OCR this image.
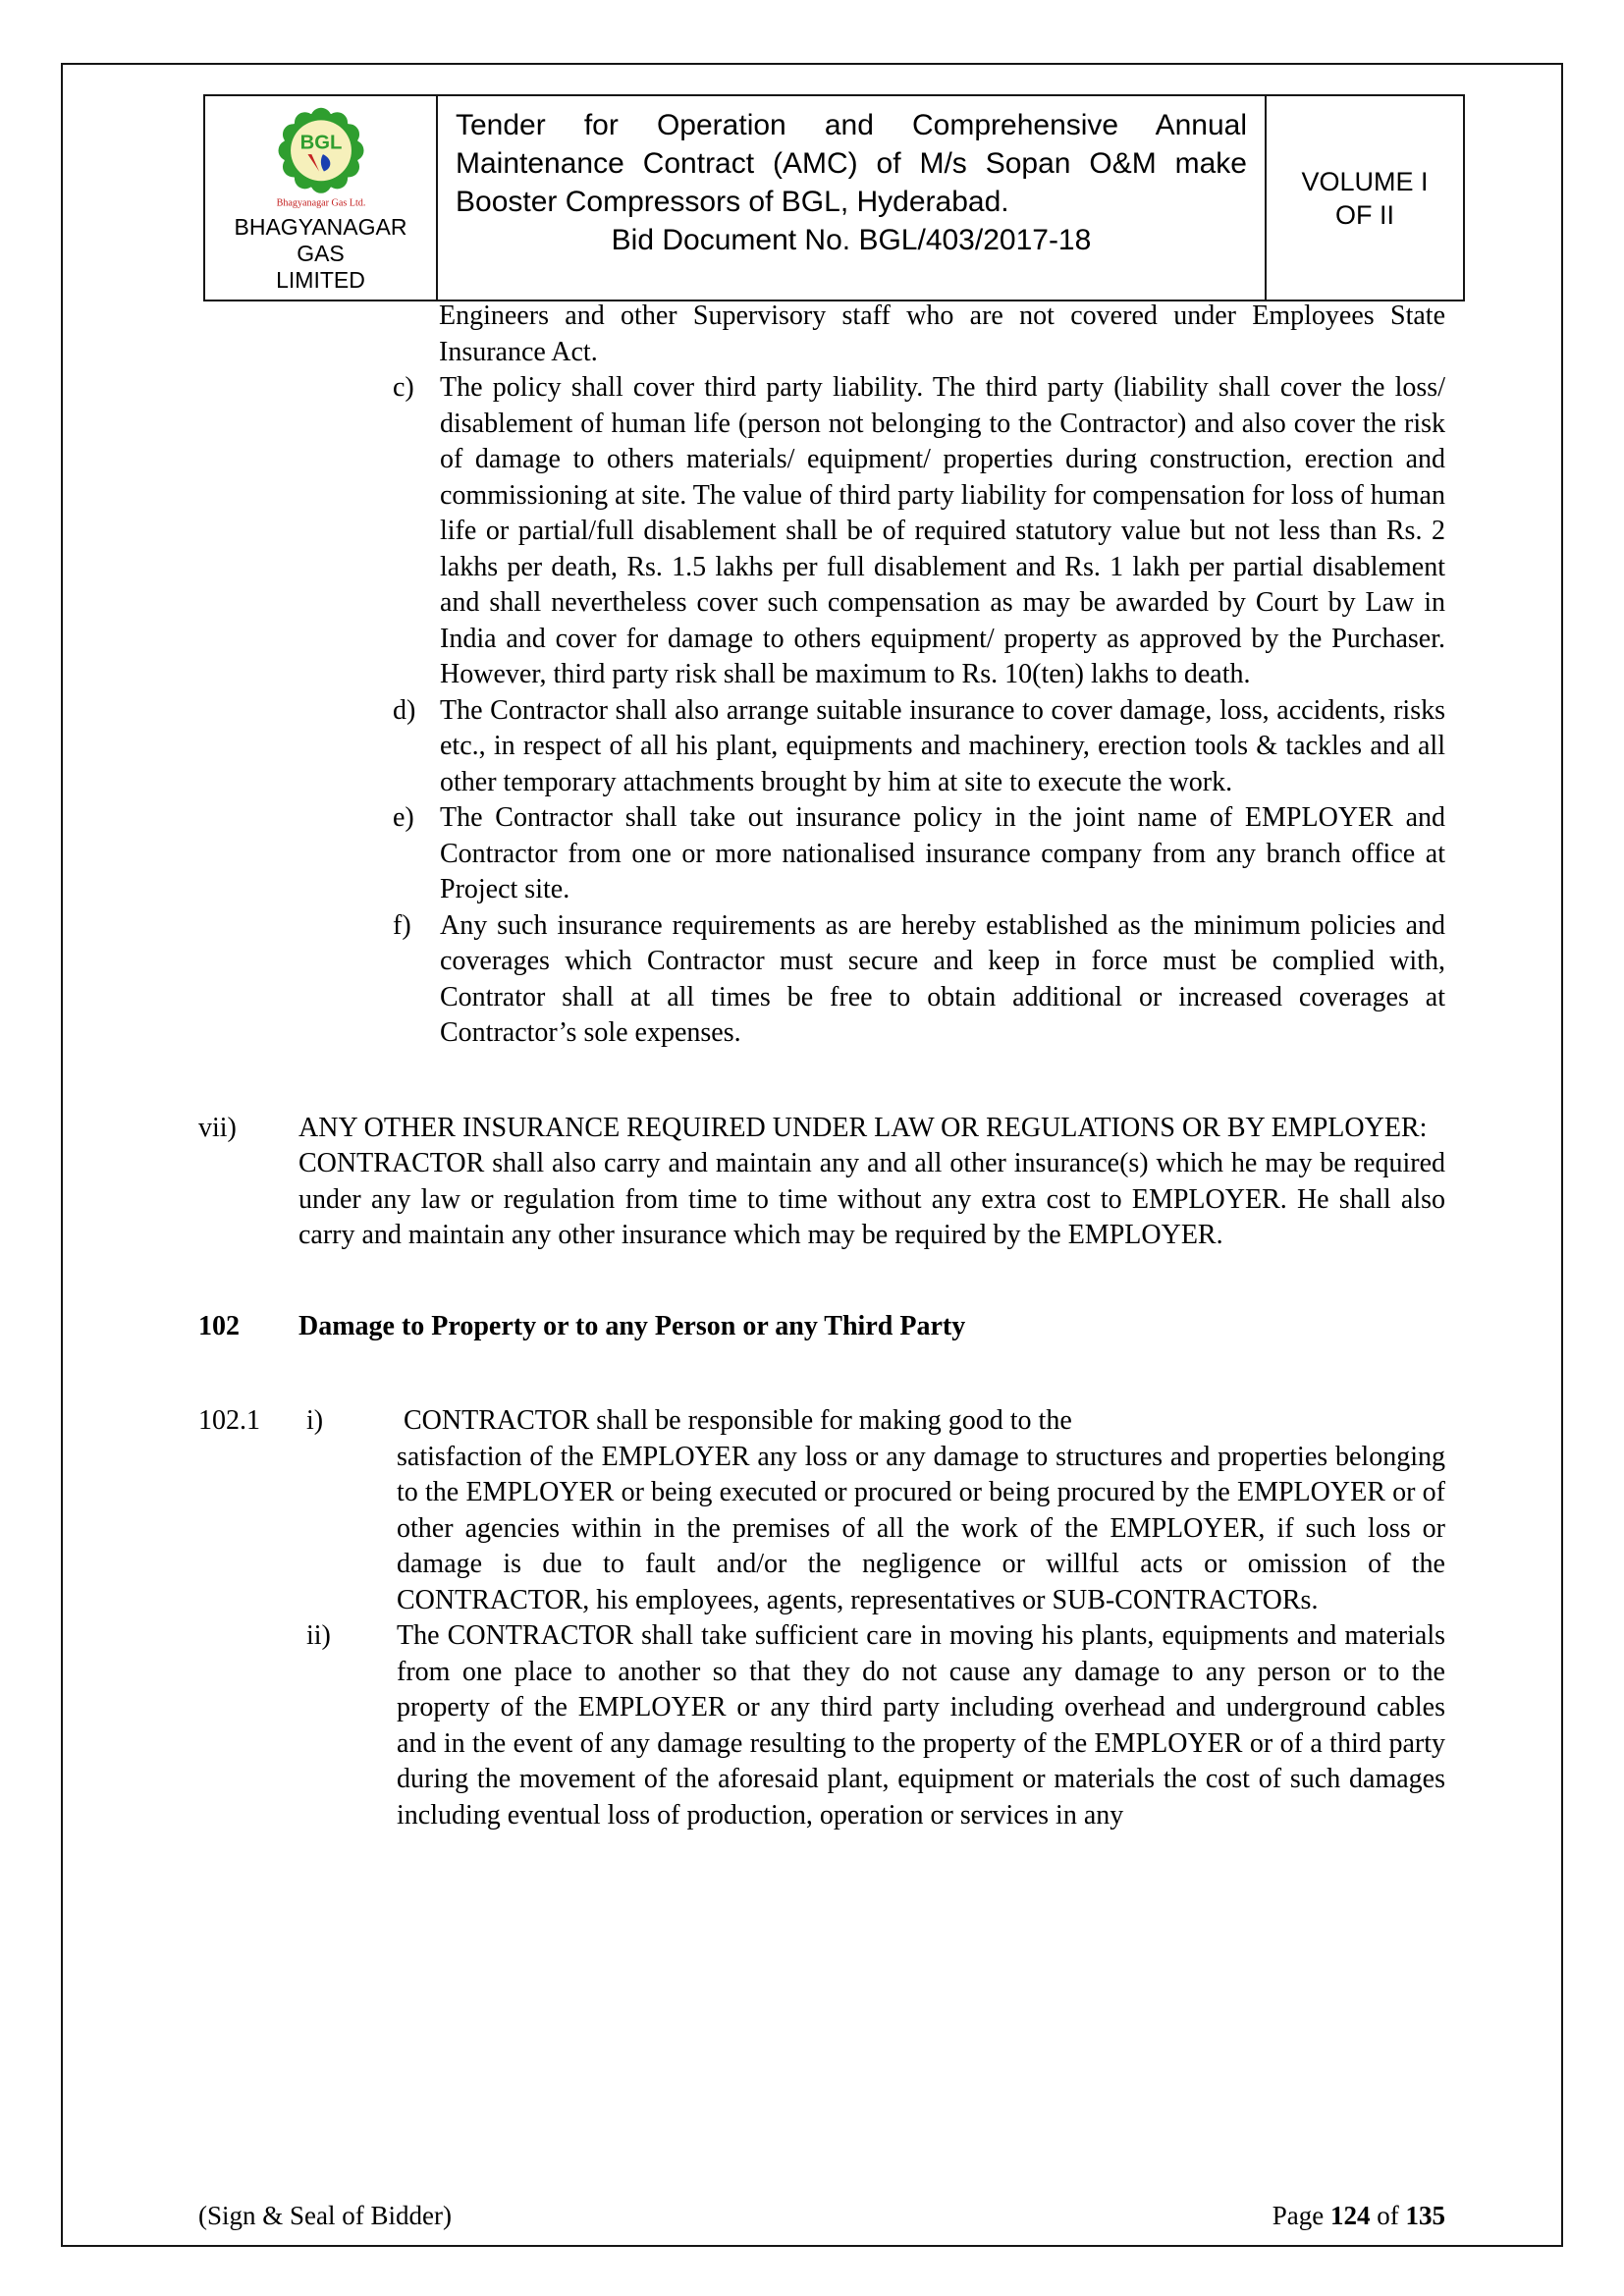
BGL
Bhagyanagar Gas Ltd.
BHAGYANAGAR GAS
LIMITED
Tender for Operation and Comprehensive Annual Maintenance Contract (AMC) of M/s Sopan O&M make Booster Compressors of BGL, Hyderabad.
Bid Document No. BGL/403/2017-18
VOLUME I
OF II

Engineers and other Supervisory staff who are not covered under Employees State Insurance Act.

c) The policy shall cover third party liability. The third party (liability shall cover the loss/ disablement of human life (person not belonging to the Contractor) and also cover the risk of damage to others materials/ equipment/ properties during construction, erection and commissioning at site. The value of third party liability for compensation for loss of human life or partial/full disablement shall be of required statutory value but not less than Rs. 2 lakhs per death, Rs. 1.5 lakhs per full disablement and Rs. 1 lakh per partial disablement and shall nevertheless cover such compensation as may be awarded by Court by Law in India and cover for damage to others equipment/ property as approved by the Purchaser. However, third party risk shall be maximum to Rs. 10(ten) lakhs to death.
d) The Contractor shall also arrange suitable insurance to cover damage, loss, accidents, risks etc., in respect of all his plant, equipments and machinery, erection tools & tackles and all other temporary attachments brought by him at site to execute the work.
e) The Contractor shall take out insurance policy in the joint name of EMPLOYER and Contractor from one or more nationalised insurance company from any branch office at Project site.
f)	Any such insurance requirements as are hereby established as the minimum policies and coverages which Contractor must secure and keep in force must be complied with, Contrator shall at all times be free to obtain additional or increased coverages at Contractor’s sole expenses.
vii)	ANY OTHER INSURANCE REQUIRED UNDER LAW OR REGULATIONS OR BY EMPLOYER:
CONTRACTOR shall also carry and maintain any and all other insurance(s) which he may be required under any law or regulation from time to time without any extra cost to EMPLOYER. He shall also carry and maintain any other insurance which may be required by the EMPLOYER.
102	Damage to Property or to any Person or any Third Party
102.1	i)	CONTRACTOR shall be responsible for making good to the
satisfaction of the EMPLOYER any loss or any damage to structures and properties belonging to the EMPLOYER or being executed or procured or being procured by the EMPLOYER or of other agencies within in the premises of all the work of the EMPLOYER, if such loss or damage is due to fault and/or the negligence or willful acts or omission of the CONTRACTOR, his employees, agents, representatives or SUB-CONTRACTORs.
ii)	The CONTRACTOR shall take sufficient care in moving his plants, equipments and materials from one place to another so that they do not cause any damage to any person or to the property of the EMPLOYER or any third party including overhead and underground cables and in the event of any damage resulting to the property of the EMPLOYER or of a third party during the movement of the aforesaid plant, equipment or materials the cost of such damages including eventual loss of production, operation or services in any
(Sign & Seal of Bidder)	Page 124 of 135
